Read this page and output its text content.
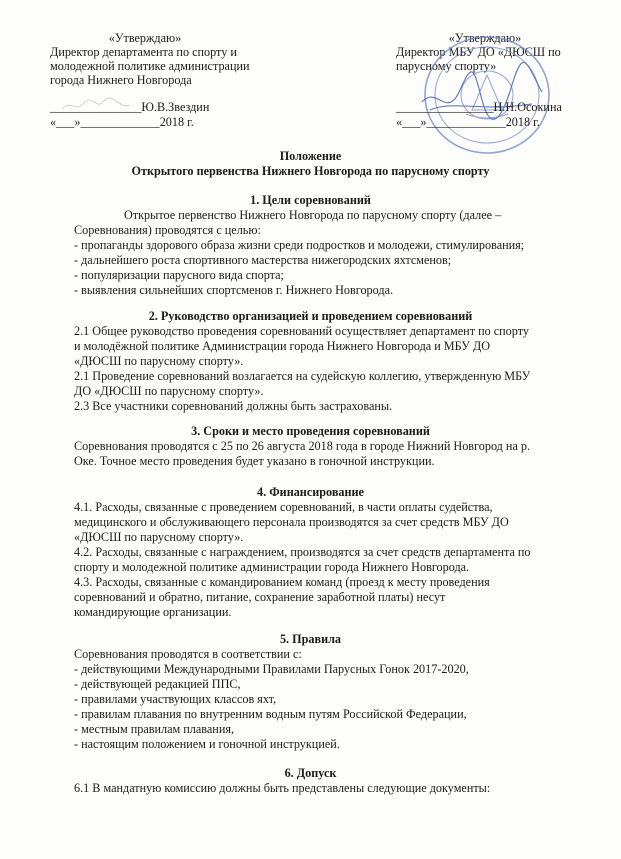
«Утверждаю»
Директор департамента по спорту и
молодежной политике администрации
города Нижнего Новгорода
_______________Ю.В.Звездин
«___»_____________2018 г.
«Утверждаю»
Директор МБУ ДО «ДЮСШ по
парусному спорту»
________________Н.Н.Осокина
«___»_____________2018 г.
Положение
Открытого первенства Нижнего Новгорода по парусному спорту
1. Цели соревнований
Открытое первенство Нижнего Новгорода по парусному спорту (далее –
Соревнования) проводятся с целью:
- пропаганды здорового образа жизни среди подростков и молодежи, стимулирования;
- дальнейшего роста спортивного мастерства нижегородских яхтсменов;
- популяризации парусного вида спорта;
- выявления сильнейших спортсменов г. Нижнего Новгорода.
2. Руководство организацией и проведением соревнований
2.1 Общее руководство проведения соревнований осуществляет департамент по спорту
и молодёжной политике Администрации города Нижнего Новгорода и МБУ ДО
«ДЮСШ по парусному спорту».
2.1 Проведение соревнований возлагается на судейскую коллегию, утвержденную МБУ
ДО «ДЮСШ по парусному спорту».
2.3 Все участники соревнований должны быть застрахованы.
3. Сроки и место проведения соревнований
Соревнования проводятся с 25 по 26 августа 2018 года в городе Нижний Новгород на р.
Оке. Точное место проведения будет указано в гоночной инструкции.
4. Финансирование
4.1. Расходы, связанные с проведением соревнований, в части оплаты судейства,
медицинского и обслуживающего персонала производятся за счет средств МБУ ДО
«ДЮСШ по парусному спорту».
4.2. Расходы, связанные с награждением, производятся за счет средств департамента по
спорту и молодежной политике администрации города Нижнего Новгорода.
4.3. Расходы, связанные с командированием команд (проезд к месту проведения
соревнований и обратно, питание, сохранение заработной платы) несут
командирующие организации.
5. Правила
Соревнования проводятся в соответствии с:
- действующими Международными Правилами Парусных Гонок 2017-2020,
- действующей редакцией ППС,
- правилами участвующих классов яхт,
- правилам плавания по внутренним водным путям Российской Федерации,
- местным правилам плавания,
- настоящим положением и гоночной инструкцией.
6. Допуск
6.1 В мандатную комиссию должны быть представлены следующие документы:
